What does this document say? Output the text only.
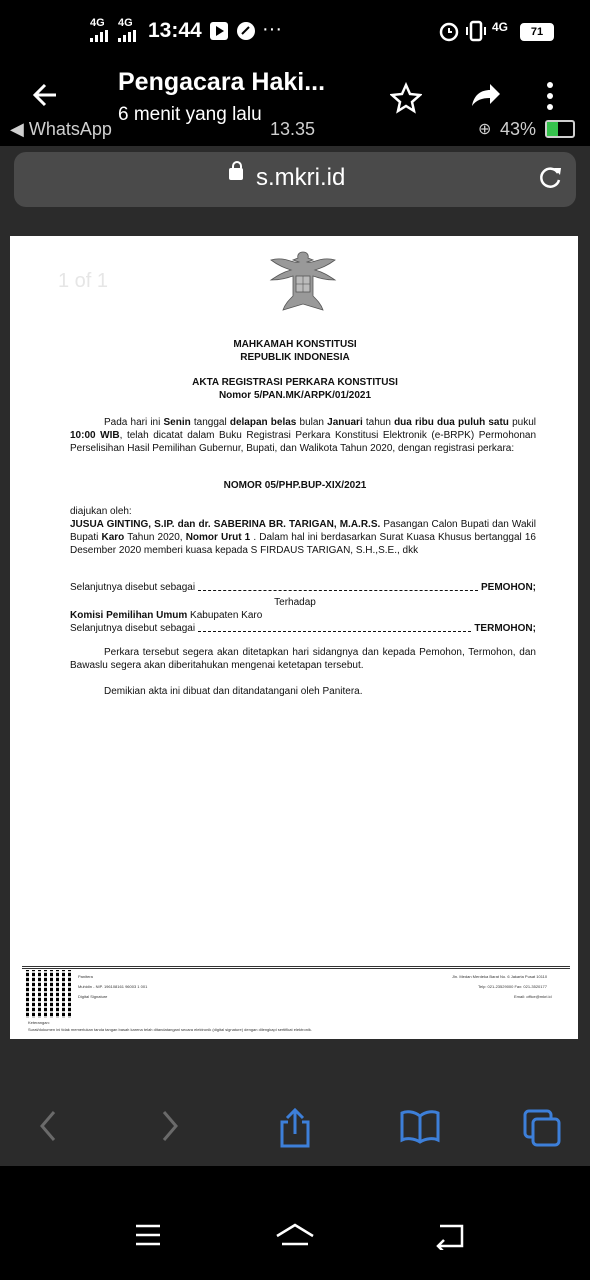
4G 4G 13:44	···	4G	71
◀ WhatsApp	13.35	⊕ 43%
Pengacara Haki...
6 menit yang lalu
s.mkri.id
1 of 1
MAHKAMAH KONSTITUSI
REPUBLIK INDONESIA
AKTA REGISTRASI PERKARA KONSTITUSI
Nomor 5/PAN.MK/ARPK/01/2021
Pada hari ini Senin tanggal delapan belas bulan Januari tahun dua ribu dua puluh satu pukul 10:00 WIB, telah dicatat dalam Buku Registrasi Perkara Konstitusi Elektronik (e-BRPK) Permohonan Perselisihan Hasil Pemilihan Gubernur, Bupati, dan Walikota Tahun 2020, dengan registrasi perkara:
NOMOR 05/PHP.BUP-XIX/2021
diajukan oleh:
JUSUA GINTING, S.IP. dan dr. SABERINA BR. TARIGAN, M.A.R.S. Pasangan Calon Bupati dan Wakil Bupati Karo Tahun 2020, Nomor Urut 1 . Dalam hal ini berdasarkan Surat Kuasa Khusus bertanggal 16 Desember 2020 memberi kuasa kepada S FIRDAUS TARIGAN, S.H.,S.E., dkk
Selanjutnya disebut sebagai	PEMOHON;
Terhadap
Komisi Pemilihan Umum Kabupaten Karo
Selanjutnya disebut sebagai	TERMOHON;
Perkara tersebut segera akan ditetapkan hari sidangnya dan kepada Pemohon, Termohon, dan Bawaslu segera akan diberitahukan mengenai ketetapan tersebut.
Demikian akta ini dibuat dan ditandatangani oleh Panitera.
Panitera
Muhidin - NIP. 196108161 96003 1 001
Digital Signature
Jln. Medan Merdeka Barat No. 6 Jakarta Pusat 10110
Telp: 021-23529000 Fax: 021-3520177
Email: office@mkri.id
Keterangan:
Surat/dokumen ini tidak memerlukan tanda tangan basah karena telah ditandatangani secara elektronik (digital signature) dengan dilengkapi sertifikat elektronik.
